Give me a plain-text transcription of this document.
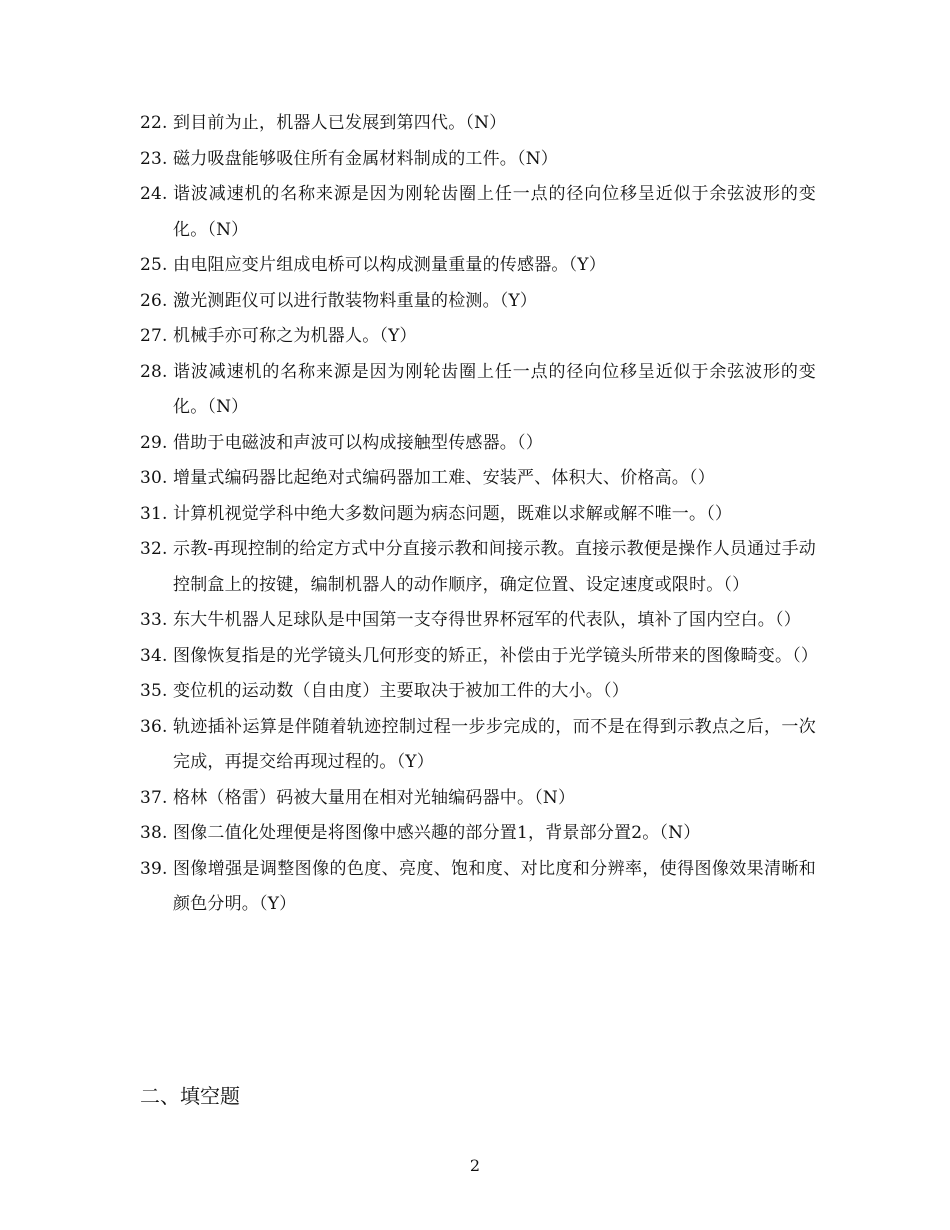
22. 到目前为止，机器人已发展到第四代。（N）
23. 磁力吸盘能够吸住所有金属材料制成的工件。（N）
24. 谐波减速机的名称来源是因为刚轮齿圈上任一点的径向位移呈近似于余弦波形的变化。（N）
25. 由电阻应变片组成电桥可以构成测量重量的传感器。（Y）
26. 激光测距仪可以进行散装物料重量的检测。（Y）
27. 机械手亦可称之为机器人。（Y）
28. 谐波减速机的名称来源是因为刚轮齿圈上任一点的径向位移呈近似于余弦波形的变化。（N）
29. 借助于电磁波和声波可以构成接触型传感器。（）
30. 增量式编码器比起绝对式编码器加工难、安装严、体积大、价格高。（）
31. 计算机视觉学科中绝大多数问题为病态问题，既难以求解或解不唯一。（）
32. 示教-再现控制的给定方式中分直接示教和间接示教。直接示教便是操作人员通过手动控制盒上的按键，编制机器人的动作顺序，确定位置、设定速度或限时。（）
33. 东大牛机器人足球队是中国第一支夺得世界杯冠军的代表队，填补了国内空白。（）
34. 图像恢复指是的光学镜头几何形变的矫正，补偿由于光学镜头所带来的图像畸变。（）
35. 变位机的运动数（自由度）主要取决于被加工件的大小。（）
36. 轨迹插补运算是伴随着轨迹控制过程一步步完成的，而不是在得到示教点之后，一次完成，再提交给再现过程的。（Y）
37. 格林（格雷）码被大量用在相对光轴编码器中。（N）
38. 图像二值化处理便是将图像中感兴趣的部分置1，背景部分置2。（N）
39. 图像增强是调整图像的色度、亮度、饱和度、对比度和分辨率，使得图像效果清晰和颜色分明。（Y）
二、填空题
2
